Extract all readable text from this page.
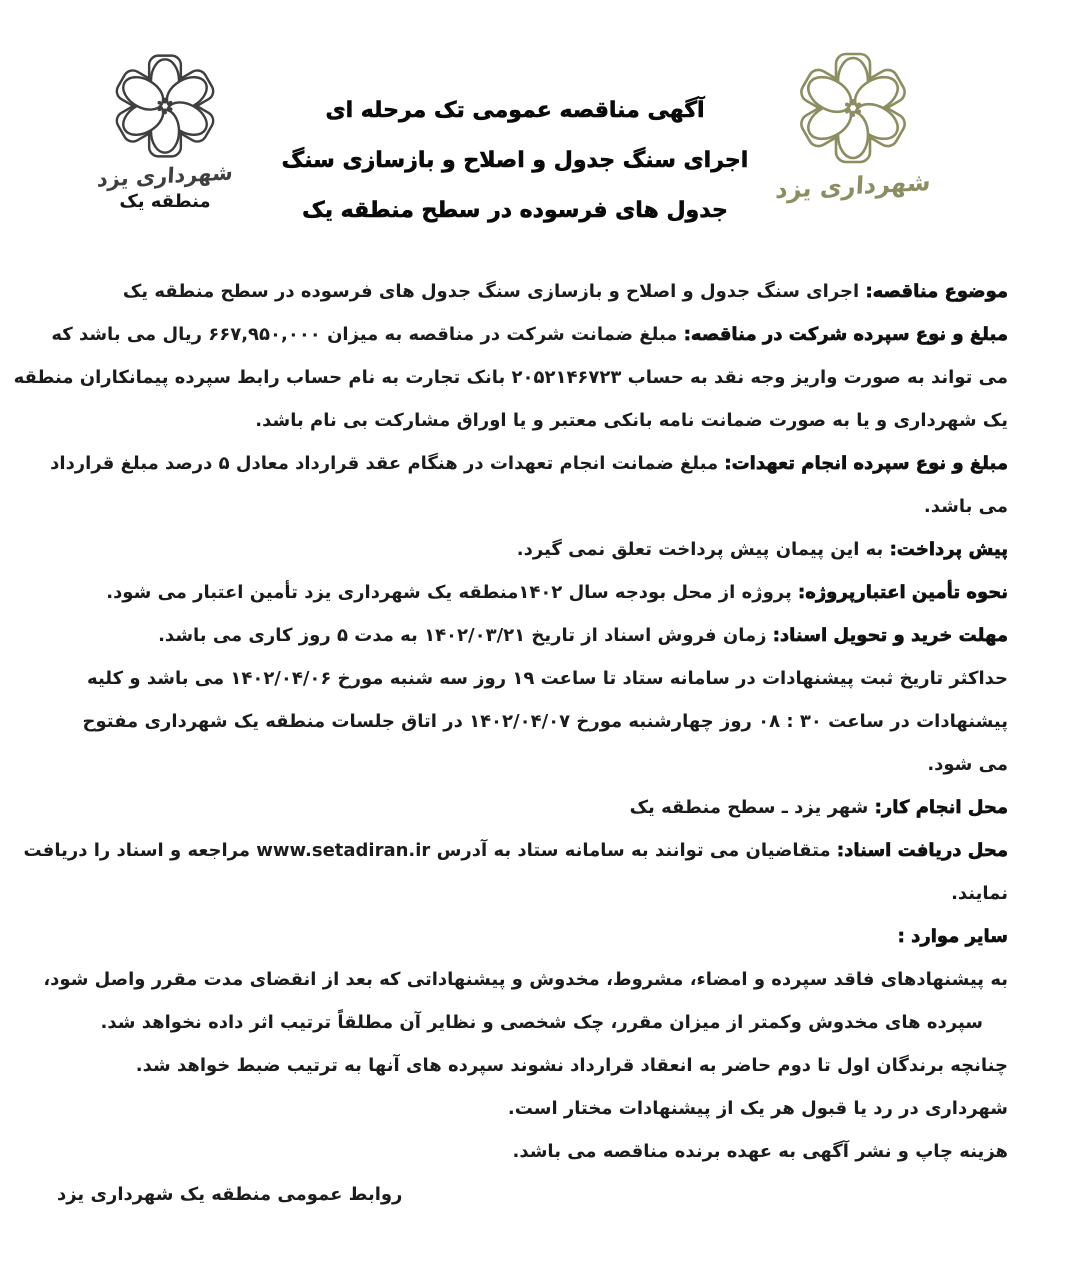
شهرداری یزد
منطقه یک
آگهی مناقصه عمومی تک مرحله ای
اجرای سنگ جدول و اصلاح و بازسازی سنگ
جدول های فرسوده در سطح منطقه یک
شهرداری یزد
موضوع مناقصه: اجرای سنگ جدول و اصلاح و بازسازی سنگ جدول های فرسوده در سطح منطقه یک
مبلغ و نوع سپرده شرکت در مناقصه: مبلغ ضمانت شرکت در مناقصه به میزان ۶۶۷,۹۵۰,۰۰۰ ریال می باشد که
می تواند به صورت واریز وجه نقد به حساب ۲۰۵۲۱۴۶۷۲۳ بانک تجارت به نام حساب رابط سپرده پیمانکاران منطقه
یک شهرداری و یا به صورت ضمانت نامه بانکی معتبر و یا اوراق مشارکت بی نام باشد.
مبلغ و نوع سپرده انجام تعهدات: مبلغ ضمانت انجام تعهدات در هنگام عقد قرارداد معادل ۵ درصد مبلغ قرارداد
می باشد.
پیش پرداخت: به این پیمان پیش پرداخت تعلق نمی گیرد.
نحوه تأمین اعتبارپروژه: پروژه از محل بودجه سال ۱۴۰۲منطقه یک شهرداری یزد تأمین اعتبار می شود.
مهلت خرید و تحویل اسناد: زمان فروش اسناد از تاریخ ۱۴۰۲/۰۳/۲۱ به مدت ۵ روز کاری می باشد.
حداکثر تاریخ ثبت پیشنهادات در سامانه ستاد تا ساعت ۱۹ روز سه شنبه مورخ ۱۴۰۲/۰۴/۰۶ می باشد و کلیه
پیشنهادات در ساعت ۳۰ : ۰۸ روز چهارشنبه مورخ ۱۴۰۲/۰۴/۰۷ در اتاق جلسات منطقه یک شهرداری مفتوح
می شود.
محل انجام کار: شهر یزد ـ سطح منطقه یک
محل دریافت اسناد: متقاضیان می توانند به سامانه ستاد به آدرس www.setadiran.ir مراجعه و اسناد را دریافت
نمایند.
سایر موارد :
به پیشنهادهای فاقد سپرده و امضاء، مشروط، مخدوش و پیشنهاداتی که بعد از انقضای مدت مقرر واصل شود،
سپرده های مخدوش وکمتر از میزان مقرر، چک شخصی و نظایر آن مطلقاً ترتیب اثر داده نخواهد شد.
چنانچه برندگان اول تا دوم حاضر به انعقاد قرارداد نشوند سپرده های آنها به ترتیب ضبط خواهد شد.
شهرداری در رد یا قبول هر یک از پیشنهادات مختار است.
هزینه چاپ و نشر آگهی به عهده برنده مناقصه می باشد.
روابط عمومی منطقه یک شهرداری یزد
